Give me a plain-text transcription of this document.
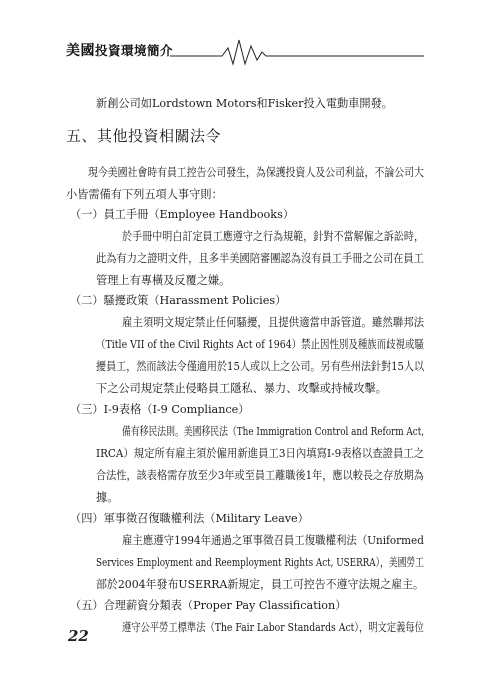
美國投資環境簡介
新創公司如Lordstown Motors和Fisker投入電動車開發。
五、其他投資相關法令
現今美國社會時有員工控告公司發生，為保護投資人及公司利益，不論公司大
小皆需備有下列五項人事守則：
（一）員工手冊（Employee Handbooks）
於手冊中明白訂定員工應遵守之行為規範，針對不當解僱之訴訟時，
此為有力之證明文件，且多半美國陪審團認為沒有員工手冊之公司在員工
管理上有專橫及反覆之嫌。
（二）騷擾政策（Harassment Policies）
雇主須明文規定禁止任何騷擾，且提供適當申訴管道。雖然聯邦法
（Title VII of the Civil Rights Act of 1964）禁止因性別及種族而歧視或騷
擾員工，然而該法令僅適用於15人或以上之公司。另有些州法針對15人以
下之公司規定禁止侵略員工隱私、暴力、攻擊或持械攻擊。
（三）I-9表格（I-9 Compliance）
備有移民法則。美國移民法（The Immigration Control and Reform Act,
IRCA）規定所有雇主須於僱用新進員工3日內填寫I-9表格以查證員工之
合法性，該表格需存放至少3年或至員工離職後1年，應以較長之存放期為
據。
（四）軍事徵召復職權利法（Military Leave）
雇主應遵守1994年通過之軍事徵召員工復職權利法（Uniformed
Services Employment and Reemployment Rights Act, USERRA），美國勞工
部於2004年發布USERRA新規定，員工可控告不遵守法規之雇主。
（五）合理薪資分類表（Proper Pay Classification）
遵守公平勞工標準法（The Fair Labor Standards Act），明文定義每位
22
